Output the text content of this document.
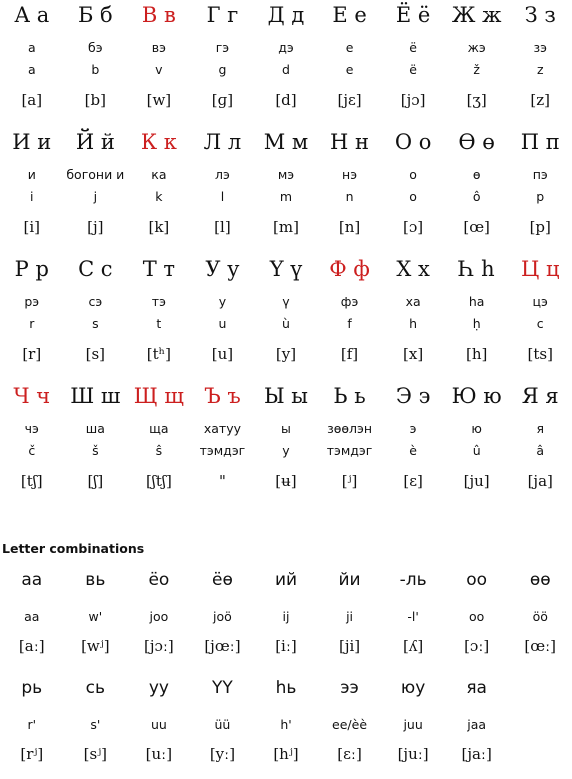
А а
а
a
[a]
Б б
бэ
b
[b]
В в
вэ
v
[w]
Г г
гэ
g
[ɡ]
Д д
дэ
d
[d]
Е е
е
e
[jɛ]
Ё ё
ё
ë
[jɔ]
Ж ж
жэ
ž
[ʒ]
З з
зэ
z
[z]
И и
и
i
[i]
Й й
богони и
j
[j]
К к
ка
k
[k]
Л л
лэ
l
[l]
М м
мэ
m
[m]
Н н
нэ
n
[n]
О о
о
o
[ɔ]
Ө ө
ө
ô
[œ]
П п
пэ
p
[p]
Р р
рэ
r
[r]
С с
сэ
s
[s]
Т т
тэ
t
[tʰ]
У у
у
u
[u]
Ү ү
ү
ù
[y]
Ф ф
фэ
f
[f]
Х х
ха
h
[x]
Һ һ
ha
ḥ
[h]
Ц ц
цэ
c
[ts]
Ч ч
чэ
č
[tʃ]
Ш ш
ша
š
[ʃ]
Щ щ
ща
ŝ
[ʃtʃ]
Ъ ъ
хатуу
тэмдэг
"
Ы ы
ы
y
[ʉ]
Ь ь
зөөлэн
тэмдэг
[ʲ]
Э э
э
è
[ɛ]
Ю ю
ю
û
[ju]
Я я
я
â
[ja]
Letter combinations
аа
aa
[aː]
вь
w'
[wʲ]
ёо
joo
[jɔː]
ёө
joö
[jœː]
ий
ij
[iː]
йи
ji
[ji]
-ль
-l'
[ʎ]
оо
oo
[ɔː]
өө
öö
[œː]
рь
r'
[rʲ]
сь
s'
[sʲ]
уу
uu
[uː]
ҮҮ
üü
[yː]
һь
h'
[hʲ]
ээ
ee/èè
[ɛː]
юу
juu
[juː]
яа
jaa
[jaː]
